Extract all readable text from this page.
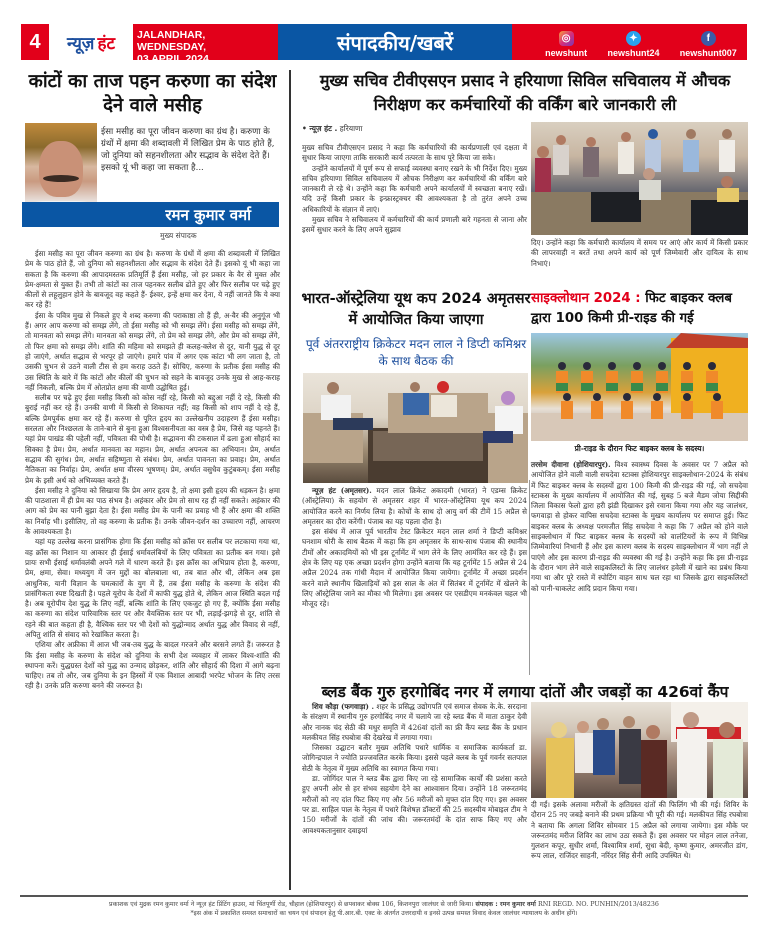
4	न्यूज़ हंट JALANDHAR, WEDNESDAY,
03 APRIL 2024
संपादकीय/खबरें	◎
newshunt
✦
newshunt24
f
newshunt007
कांटों का ताज पहन करुणा का संदेश देने वाले मसीह
ईसा मसीह का पूरा जीवन करुणा का ग्रंथ है। करुणा के ग्रंथों में क्षमा की शब्दावली में लिखित प्रेम के पाठ होते हैं, जो दुनिया को सहनशीलता और सद्भाव के संदेश देते हैं। इसको यूं भी कहा जा सकता है...
रमन कुमार वर्मा
मुख्य संपादक

ईसा मसीह का पूरा जीवन करुणा का ग्रंथ है। करुणा के ग्रंथों में क्षमा की शब्दावली में लिखित प्रेम के पाठ होते हैं, जो दुनिया को सहनशीलता और सद्भाव के संदेश देते हैं। इसको यूं भी कहा जा सकता है कि करुणा की आपादमस्तक प्रतिमूर्ति हैं ईसा मसीह, जो हर प्रकार के वैर से मुक्त और प्रेम-क्षमता से युक्त हैं। तभी तो कांटों का ताज पहनकर सलीब ढोते हुए और फिर सलीब पर चढ़े हुए कीलों से लहूलुहान होने के बावजूद वह कहते हैं- ईश्वर, इन्हें क्षमा कर देना, ये नहीं जानते कि ये क्या कर रहे हैं!

ईसा के पवित्र मुख से निकले हुए ये शब्द करुणा की पराकाष्ठा तो हैं ही, अ-वैर की अनुगूंज भी हैं। अगर आप करुणा को समझ लेंगे, तो ईसा मसीह को भी समझ लेंगे। ईसा मसीह को समझ लेंगे, तो मानवता को समझ लेंगे। मानवता को समझ लेंगे, तो प्रेम को समझ लेंगे, और प्रेम को समझ लेंगे, तो फिर क्षमा को समझ लेंगे। शांति की महिमा को समझते ही कलह-क्लेश से दूर, यानी युद्ध से दूर हो जाएंगे, अर्थात सद्भाव से भरपूर हो जाएंगे। हमारे पांव में अगर एक कांटा भी लग जाता है, तो उसकी चुभन से उठने वाली टीस से हम कराह उठते हैं। सोचिए, करुणा के प्रतीक ईसा मसीह की उस स्थिति के बारे में कि कांटों और कीलों की चुभन को सहने के बावजूद उनके मुख से आह-कराह नहीं निकली, बल्कि प्रेम में ओतप्रोत क्षमा की वाणी उद्घोषित हुई।

सलीब पर चढ़े हुए ईसा मसीह किसी को कोस नहीं रहे, किसी को बद्दुआ नहीं दे रहे, किसी की बुराई नहीं कर रहे हैं। उनकी वाणी में किसी से शिकायत नहीं; वह किसी को शाप नहीं दे रहे हैं, बल्कि प्रेमपूर्वक क्षमा कर रहे हैं। करुणा से पूरित हृदय का उल्लेखनीय उदाहरण हैं ईसा मसीह। सरलता और निश्छलता के ताने-बाने से बुना हुआ विश्वसनीयता का वस्त्र है प्रेम, जिसे वह पहनते हैं। यहां प्रेम पाखंड की पहेली नहीं, पवित्रता की पोथी है। सद्भावना की टकसाल में ढला हुआ सौहार्द का सिक्का है प्रेम। प्रेम, अर्थात मानवता का महान। प्रेम, अर्थात अपनत्व का अभियान। प्रेम, अर्थात सद्भाव की सुगंध। प्रेम, अर्थात सहिष्णुता से संबंध। प्रेम, अर्थात पावनता का प्रवाह। प्रेम, अर्थात नैतिकता का निर्वाह। प्रेम, अर्थात क्षमा वीरस्य भूषणम्। प्रेम, अर्थात वसुधैव कुटुंबकम्। ईसा मसीह प्रेम के इसी अर्थ को अभिव्यक्त करते हैं।

ईसा मसीह ने दुनिया को सिखाया कि प्रेम अगर हृदय है, तो क्षमा इसी हृदय की धड़कन है। क्षमा की पाठशाला में ही प्रेम का पाठ संभव है। अहंकार और प्रेम तो साथ रह ही नहीं सकते। अहंकार की आग को प्रेम का पानी बुझा देता है। ईसा मसीह प्रेम के पानी का प्रवाह भी हैं और क्षमा की शक्ति का निर्वाह भी। इसीलिए, तो वह करुणा के प्रतीक हैं। उनके जीवन-दर्शन का उच्चारण नहीं, आचरण के आवश्यकता है।

यहां यह उल्लेख करना प्रासंगिक होगा कि ईसा मसीह को क्रॉस पर सलीब पर लटकाया गया था, वह क्रॉस का निशान या आकार ही ईसाई धर्मावलंबियों के लिए पवित्रता का प्रतीक बन गया। इसे प्रायः सभी ईसाई धर्मावलंबी अपने गले में धारण करते हैं। इस क्रॉस का अभिप्राय होता है, करुणा, प्रेम, क्षमा, सेवा। मध्ययुग में जन मुद्दों का बोलबाला था, तब बात और थी, लेकिन अब इस आधुनिक, यानी विज्ञान के चमत्कारों के युग में हैं, तब ईसा मसीह के करुणा के संदेश की प्रासंगिकता स्पष्ट दिखती है। पहले यूरोप के देशों में काफी युद्ध होते थे, लेकिन आज स्थिति बदल गई है। अब यूरोपीय देश युद्ध के लिए नहीं, बल्कि शांति के लिए एकजुट हो गए हैं, क्योंकि ईसा मसीह का करुणा का संदेश पारिवारिक स्तर पर और वैयक्तिक स्तर पर भी, लड़ाई-झगड़े से दूर, शांति से रहने की बात कहता ही है, वैश्विक स्तर पर भी देशों को युद्धोन्माद अर्थात युद्ध और विवाद से नहीं, अपितु शांति से संवाद को रेखांकित करता है।

एशिया और अफ्रीका में आज भी जब-तब युद्ध के बादल गरजने और बरसने लगते हैं। जरूरत है कि ईसा मसीह के करुणा के संदेश को दुनिया के सभी देश व्यवहार में लाकर विश्व-शांति की स्थापना करें। युद्धग्रस्त देशों को युद्ध का उन्माद छोड़कर, शांति और सौहार्द की दिशा में आगे बढ़ना चाहिए। तब तो और, जब दुनिया के इन हिस्सों में एक विशाल आबादी भरपेट भोजन के लिए तरस रही है। उनके प्रति करुणा बनने की जरूरत है।

मुख्य सचिव टीवीएसएन प्रसाद ने हरियाणा सिविल सचिवालय में औचक निरीक्षण कर कर्मचारियों की वर्किंग बारे जानकारी ली
• न्यूज़ हंट . हरियाणा

मुख्य सचिव टीवीएसएन प्रसाद ने कहा कि कर्मचारियों की कार्यप्रणाली एवं दक्षता में सुधार किया जाएगा ताकि सरकारी कार्य तत्परता के साथ पूरे किया जा सके।

उन्होंने कार्यालयों में पूर्ण रूप से सफाई व्यवस्था बनाए रखने के भी निर्देश दिए। मुख्य सचिव हरियाणा सिविल सचिवालय में औचक निरीक्षण कर कर्मचारियों की वर्किंग बारे जानकारी ले रहे थे। उन्होंने कहा कि कर्मचारी अपने कार्यालयों में स्वच्छता बनाए रखें। यदि उन्हें किसी प्रकार के इन्फ्रास्ट्रक्चर की आवश्यकता है तो तुरंत अपने उच्च अधिकारियों के संज्ञान में लाएं।

मुख्य सचिव ने सचिवालय में कर्मचारियों की कार्य प्रणाली बारे गहनता से जाना और इसमें सुधार करने के लिए अपने सुझाव

दिए। उन्होंने कहा कि कर्मचारी कार्यालय में समय पर आएं और कार्य में किसी प्रकार की लापरवाही न बरतें तथा अपने कार्य को पूर्ण जिम्मेवारी और दायित्व के साथ निभाएं।

भारत-ऑस्ट्रेलिया यूथ कप 2024 अमृतसर में आयोजित किया जाएगा
पूर्व अंतरराष्ट्रीय क्रिकेटर मदन लाल ने डिप्टी कमिश्नर के साथ बैठक की

न्यूज़ हंट (अमृतसर). मदन लाल क्रिकेट अकादमी (भारत) ने एडम्स क्रिकेट (ऑस्ट्रेलिया) के सहयोग से अमृतसर शहर में भारत-ऑस्ट्रेलिया यूथ कप 2024 आयोजित करने का निर्णय लिया है। कोचों के साथ दो आयु वर्ग की टीमें 15 अप्रैल से अमृतसर का दौरा करेंगी। पंजाब का यह पहला दौरा है।

इस संबंध में आज पूर्व भारतीय टेस्ट क्रिकेटर मदन लाल शर्मा ने डिप्टी कमिश्नर घनशाम थोरी के साथ बैठक में कहा कि हम अमृतसर के साथ-साथ पंजाब की स्थानीय टीमों और अकादमियों को भी इस टूर्नामेंट में भाग लेने के लिए आमंत्रित कर रहे हैं। इस क्षेत्र के लिए यह एक अच्छा प्रदर्शन होगा उन्होंने बताया कि यह टूर्नामेंट 15 अप्रैल से 24 अप्रैल 2024 तक गांधी मैदान में आयोजित किया जायेगा। टूर्नामेंट में अच्छा प्रदर्शन करने वाले स्थानीय खिलाड़ियों को इस साल के अंत में सितंबर में टूर्नामेंट में खेलने के लिए ऑस्ट्रेलिया जाने का मौका भी मिलेगा। इस अवसर पर एसडीएम मनकंवल चहल भी मौजूद रहे।

साइक्लोथान 2024 : फिट बाइकर क्लब द्वारा 100 किमी प्री-राइड की गई
प्री-राइड के दौरान फिट बाइकर क्लब के सदस्य।

तरसेम दीवाना (होशियारपुर). विश्व स्वास्थ्य दिवस के अवसर पर 7 अप्रैल को आयोजित होने वाली वाली सचदेवा स्टाक्स होशियारपुर साइक्लोथान-2024 के संबंध में फिट बाइकर क्लब के सदस्यों द्वारा 100 किमी की प्री-राइड की गई, जो सचदेवा स्टाकस के मुख्य कार्यालय में आयोजित की गई, सुबह 5 बजे मैडम जोया सिद्दीकी जिला विकास फेलो द्वारा हरी झंडी दिखाकर इसे रवाना किया गया और यह जालंधर, फगवाड़ा से होकर वापिस सचदेवा स्टाक्स के मुखय कार्यालय पर समाप्त हुई। फिट बाइकर क्लब के अध्यक्ष परमजीत सिंह सचदेवा ने कहा कि 7 अप्रैल को होने वाले साइक्लोथान में फिट बाइकर क्लब के सदस्यों को वालंटियरों के रूप में विभिन्न जिम्मेवारियां निभानी हैं और इस कारण क्लब के सदस्य साइक्लोथान में भाग नहीं ले पाएंगे और इस कारण प्री-राइड की व्यवस्था की गई है। उन्होंने कहा कि इस प्री-राइड के दौरान भाग लेने वाले साइकलिस्टों के लिए जालंधर हवेली में खाने का प्रबंध किया गया था और पूरे रास्ते में स्पोटिंग वाहन साथ चल रहा था जिसके द्वारा साइकलिस्टों को पानी-चाकलेट आदि प्रदान किया गया।

ब्लड बैंक गुरु हरगोबिंद नगर में लगाया दांतों और जबड़ों का 426वां कैंप

शिव कौड़ा (फगवाड़ा) . शहर के प्रसिद्ध उद्योगपति एवं समाज सेवक के.के. सरदाना के संरक्षण में स्थानीय गुरु हरगोबिंद नगर में चलाये जा रहे ब्लड बैंक में माता ठाकुर देवी और नानक चंद सेठी की मधुर समृति में 426वां दांतों का फ्री कैंप ब्लड बैंक के प्रधान मलकीयत सिंह रघबोत्रा की देखरेख में लगाया गया।

जिसका उद्घाटन बतौर मुख्य अतिथि पधारे धार्मिक व समाजिक कार्यकर्ता डा. जोगिन्द्रपाल ने ज्योति प्रज्जवलित करके किया। इससे पहले क्लब के पूर्व गवर्नर सतपाल सेठी के नेतृत्व में मुख्य अतिथि का स्वागत किया गया।

डा. जोगिंदर पाल ने ब्लड बैंक द्वारा किए जा रहे सामाजिक कार्यों की प्रशंसा करते हुए अपनी ओर से हर संभव सहयोग देने का आश्वासन दिया। उन्होंने 18 जरूरतमंद मरीजों को नए दांत फिट किए गए और 56 मरीजों को मुफ्त दांत दिए गए। इस अवसर पर डा. साहिल पाल के नेतृत्व में पधारे विशेषज्ञ डॉक्टरों की 25 सदस्यीय मोबाइल टीम ने 150 मरीजों के दांतों की जांच की। जरूरतमंदों के दांत साफ किए गए और आवश्यकतानुसार दवाइयां

दी गईं। इसके अलावा मरीजों के क्षतिग्रस्त दांतों की फिलिंग भी की गई। शिविर के दौरान 25 नए जबड़े बनाने की प्रथम प्रक्रिया भी पूरी की गई। मलकीयत सिंह रघबोत्रा ने बताया कि अगला शिविर सोमवार 15 अप्रैल को लगाया जायेगा। इस मौके पर जरूरतमंद मरीज शिविर का लाभ उठा सकते हैं। इस अवसर पर मोहन लाल तनेजा, गुलशन कपूर, सुधीर शर्मा, विश्वामित्र शर्मा, सुधा बेदी, कृष्ण कुमार, अमरजीत डांग, रूप लाल, राजिंदर साहनी, नरिंदर सिंह सैनी आदि उपस्थित थे।

प्रकाशक एवं मुद्रक रमन कुमार वर्मा ने न्यूज़ हंट प्रिंटिंग हाउस, मां चिंतपूर्णी रोड, चौहाल (होशियारपुर) से छपवाकर बोक्स 106, किशनपुरा जालंधर से जारी किया। संपादक : रमन कुमार वर्मा RNI REGD. NO. PUNHIN/2013/48236
*इस अंक में प्रकाशित समस्त समाचारों का चयन एवं संपादन हेतु पी.आर.बी. एक्ट के अंतर्गत उत्तरदायी व इनसे उत्पन्न समस्त विवाद केवल जालंधर न्यायालय के अधीन होंगे।
